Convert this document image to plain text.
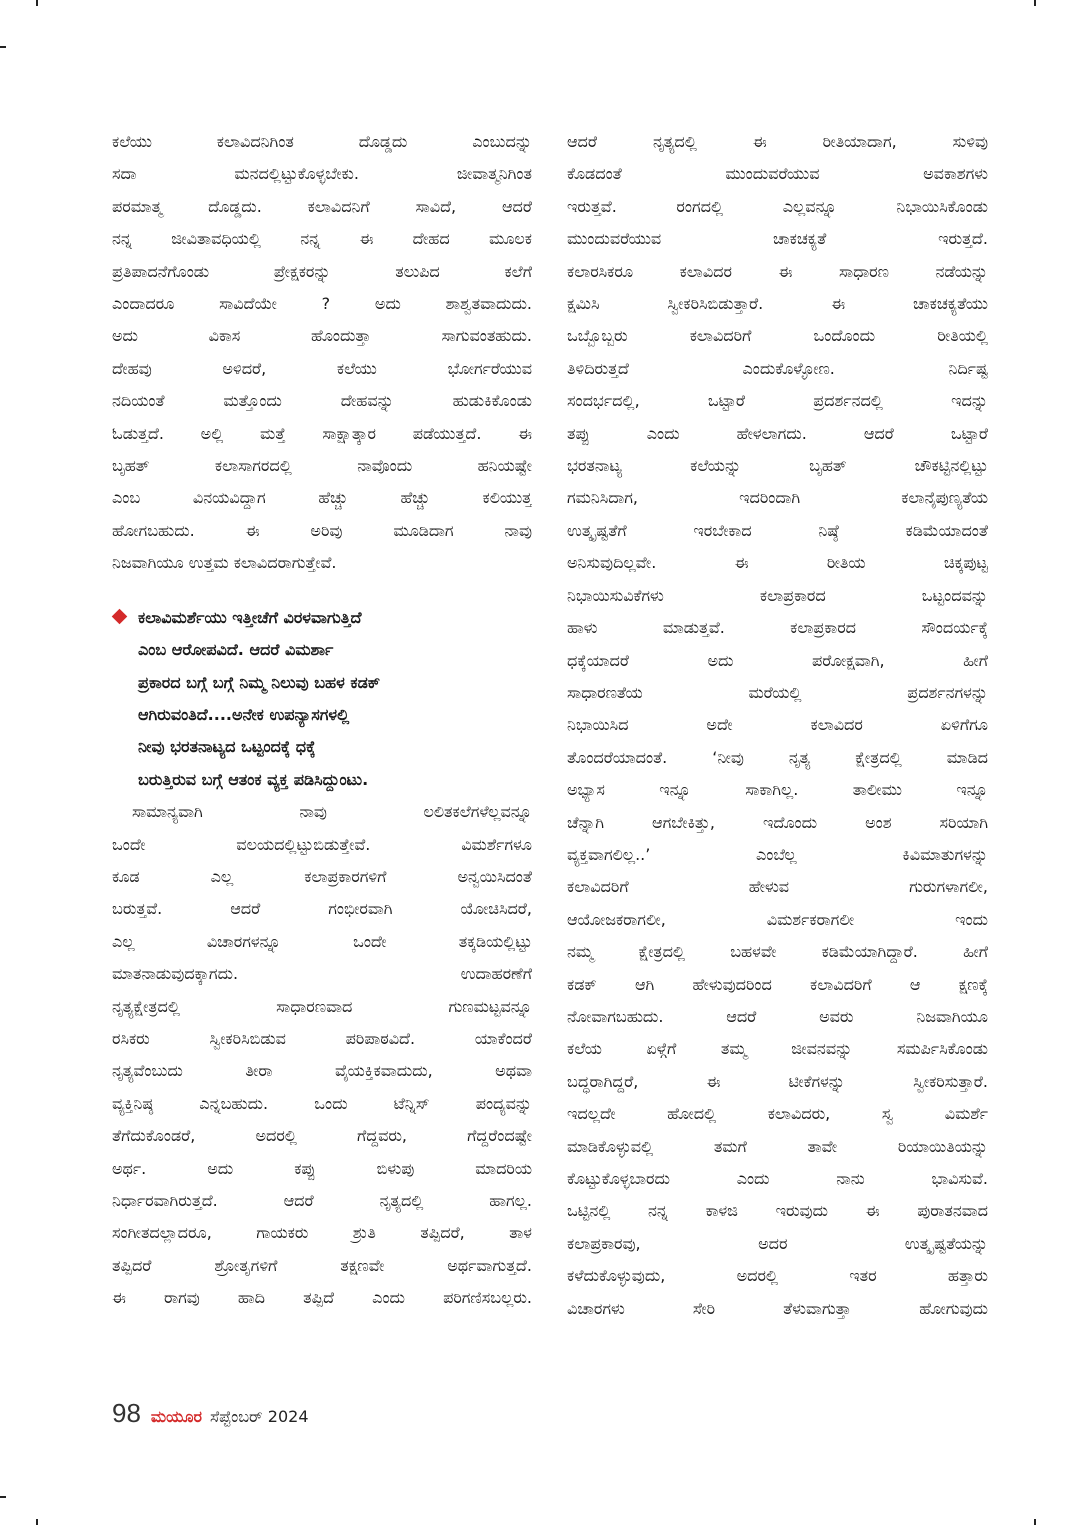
ಕಲೆಯು ಕಲಾವಿದನಿಗಿಂತ ದೊಡ್ಡದು ಎಂಬುದನ್ನು

ಸದಾ ಮನದಲ್ಲಿಟ್ಟುಕೊಳ್ಳಬೇಕು. ಜೀವಾತ್ಮನಿಗಿಂತ

ಪರಮಾತ್ಮ ದೊಡ್ಡದು. ಕಲಾವಿದನಿಗೆ ಸಾವಿದೆ, ಆದರೆ

ನನ್ನ ಜೀವಿತಾವಧಿಯಲ್ಲಿ ನನ್ನ ಈ ದೇಹದ ಮೂಲಕ

ಪ್ರತಿಪಾದನೆಗೊಂಡು ಪ್ರೇಕ್ಷಕರನ್ನು ತಲುಪಿದ ಕಲೆಗೆ

ಎಂದಾದರೂ ಸಾವಿದೆಯೇ ? ಅದು ಶಾಶ್ವತವಾದುದು.

ಅದು ವಿಕಾಸ ಹೊಂದುತ್ತಾ ಸಾಗುವಂತಹುದು.

ದೇಹವು ಅಳಿದರೆ, ಕಲೆಯು ಭೋರ್ಗರೆಯುವ

ನದಿಯಂತೆ ಮತ್ತೊಂದು ದೇಹವನ್ನು ಹುಡುಕಿಕೊಂಡು

ಓಡುತ್ತದೆ. ಅಲ್ಲಿ ಮತ್ತೆ ಸಾಕ್ಷಾತ್ಕಾರ ಪಡೆಯುತ್ತದೆ. ಈ

ಬೃಹತ್ ಕಲಾಸಾಗರದಲ್ಲಿ ನಾವೊಂದು ಹನಿಯಷ್ಟೇ

ಎಂಬ ವಿನಯವಿದ್ದಾಗ ಹೆಚ್ಚು ಹೆಚ್ಚು ಕಲಿಯುತ್ತ

ಹೋಗಬಹುದು. ಈ ಅರಿವು ಮೂಡಿದಾಗ ನಾವು

ನಿಜವಾಗಿಯೂ ಉತ್ತಮ ಕಲಾವಿದರಾಗುತ್ತೇವೆ.

ಕಲಾವಿಮರ್ಶೆಯು ಇತ್ತೀಚೆಗೆ ವಿರಳವಾಗುತ್ತಿದೆ

ಎಂಬ ಆರೋಪವಿದೆ. ಆದರೆ ವಿಮರ್ಶಾ

ಪ್ರಕಾರದ ಬಗ್ಗೆ ಬಗ್ಗೆ ನಿಮ್ಮ ನಿಲುವು ಬಹಳ ಕಡಕ್

ಆಗಿರುವಂತಿದೆ....ಅನೇಕ ಉಪನ್ಯಾಸಗಳಲ್ಲಿ

ನೀವು ಭರತನಾಟ್ಯದ ಒಟ್ಟಂದಕ್ಕೆ ಧಕ್ಕೆ

ಬರುತ್ತಿರುವ ಬಗ್ಗೆ ಆತಂಕ ವ್ಯಕ್ತ ಪಡಿಸಿದ್ದುಂಟು.

ಸಾಮಾನ್ಯವಾಗಿ ನಾವು ಲಲಿತಕಲೆಗಳೆಲ್ಲವನ್ನೂ

ಒಂದೇ ವಲಯದಲ್ಲಿಟ್ಟುಬಿಡುತ್ತೇವೆ. ವಿಮರ್ಶೆಗಳೂ

ಕೂಡ ಎಲ್ಲ ಕಲಾಪ್ರಕಾರಗಳಿಗೆ ಅನ್ವಯಿಸಿದಂತೆ

ಬರುತ್ತವೆ. ಆದರೆ ಗಂಭೀರವಾಗಿ ಯೋಚಿಸಿದರೆ,

ಎಲ್ಲ ವಿಚಾರಗಳನ್ನೂ ಒಂದೇ ತಕ್ಕಡಿಯಲ್ಲಿಟ್ಟು

ಮಾತನಾಡುವುದಕ್ಕಾಗದು. ಉದಾಹರಣೆಗೆ

ನೃತ್ಯಕ್ಷೇತ್ರದಲ್ಲಿ ಸಾಧಾರಣವಾದ ಗುಣಮಟ್ಟವನ್ನೂ

ರಸಿಕರು ಸ್ವೀಕರಿಸಿಬಿಡುವ ಪರಿಪಾಠವಿದೆ. ಯಾಕೆಂದರೆ

ನೃತ್ಯವೆಂಬುದು ತೀರಾ ವೈಯಕ್ತಿಕವಾದುದು, ಅಥವಾ

ವ್ಯಕ್ತಿನಿಷ್ಠ ಎನ್ನಬಹುದು. ಒಂದು ಟೆನ್ನಿಸ್ ಪಂದ್ಯವನ್ನು

ತೆಗೆದುಕೊಂಡರೆ, ಅದರಲ್ಲಿ ಗೆದ್ದವರು, ಗೆದ್ದರೆಂದಷ್ಟೇ

ಅರ್ಥ. ಅದು ಕಪ್ಪು ಬಿಳುಪು ಮಾದರಿಯ

ನಿರ್ಧಾರವಾಗಿರುತ್ತದೆ. ಆದರೆ ನೃತ್ಯದಲ್ಲಿ ಹಾಗಲ್ಲ.

ಸಂಗೀತದಲ್ಲಾದರೂ, ಗಾಯಕರು ಶ್ರುತಿ ತಪ್ಪಿದರೆ, ತಾಳ

ತಪ್ಪಿದರೆ ಶ್ರೋತೃಗಳಿಗೆ ತಕ್ಷಣವೇ ಅರ್ಥವಾಗುತ್ತದೆ.

ಈ ರಾಗವು ಹಾದಿ ತಪ್ಪಿದೆ ಎಂದು ಪರಿಗಣಿಸಬಲ್ಲರು.

ಆದರೆ ನೃತ್ಯದಲ್ಲಿ ಈ ರೀತಿಯಾದಾಗ, ಸುಳಿವು

ಕೊಡದಂತೆ ಮುಂದುವರೆಯುವ ಅವಕಾಶಗಳು

ಇರುತ್ತವೆ. ರಂಗದಲ್ಲಿ ಎಲ್ಲವನ್ನೂ ನಿಭಾಯಿಸಿಕೊಂಡು

ಮುಂದುವರೆಯುವ ಚಾಕಚಕ್ಯತೆ ಇರುತ್ತದೆ.

ಕಲಾರಸಿಕರೂ ಕಲಾವಿದರ ಈ ಸಾಧಾರಣ ನಡೆಯನ್ನು

ಕ್ಷಮಿಸಿ ಸ್ವೀಕರಿಸಿಬಿಡುತ್ತಾರೆ. ಈ ಚಾಕಚಕ್ಯತೆಯು

ಒಬ್ಬೊಬ್ಬರು ಕಲಾವಿದರಿಗೆ ಒಂದೊಂದು ರೀತಿಯಲ್ಲಿ

ತಿಳಿದಿರುತ್ತದೆ ಎಂದುಕೊಳ್ಳೋಣ. ನಿರ್ದಿಷ್ಟ

ಸಂದರ್ಭದಲ್ಲಿ, ಒಟ್ಟಾರೆ ಪ್ರದರ್ಶನದಲ್ಲಿ ಇದನ್ನು

ತಪ್ಪು ಎಂದು ಹೇಳಲಾಗದು. ಆದರೆ ಒಟ್ಟಾರೆ

ಭರತನಾಟ್ಯ ಕಲೆಯನ್ನು ಬೃಹತ್ ಚೌಕಟ್ಟಿನಲ್ಲಿಟ್ಟು

ಗಮನಿಸಿದಾಗ, ಇದರಿಂದಾಗಿ ಕಲಾನೈಪುಣ್ಯತೆಯ

ಉತ್ಕೃಷ್ಟತೆಗೆ ಇರಬೇಕಾದ ನಿಷ್ಠೆ ಕಡಿಮೆಯಾದಂತೆ

ಅನಿಸುವುದಿಲ್ಲವೇ. ಈ ರೀತಿಯ ಚಿಕ್ಕಪುಟ್ಟ

ನಿಭಾಯಿಸುವಿಕೆಗಳು ಕಲಾಪ್ರಕಾರದ ಒಟ್ಟಂದವನ್ನು

ಹಾಳು ಮಾಡುತ್ತವೆ. ಕಲಾಪ್ರಕಾರದ ಸೌಂದರ್ಯಕ್ಕೆ

ಧಕ್ಕೆಯಾದರೆ ಅದು ಪರೋಕ್ಷವಾಗಿ, ಹೀಗೆ

ಸಾಧಾರಣತೆಯ ಮರೆಯಲ್ಲಿ ಪ್ರದರ್ಶನಗಳನ್ನು

ನಿಭಾಯಿಸಿದ ಅದೇ ಕಲಾವಿದರ ಏಳಿಗೆಗೂ

ತೊಂದರೆಯಾದಂತೆ. ‘ನೀವು ನೃತ್ಯ ಕ್ಷೇತ್ರದಲ್ಲಿ ಮಾಡಿದ

ಅಭ್ಯಾಸ ಇನ್ನೂ ಸಾಕಾಗಿಲ್ಲ. ತಾಲೀಮು ಇನ್ನೂ

ಚೆನ್ನಾಗಿ ಆಗಬೇಕಿತ್ತು, ಇದೊಂದು ಅಂಶ ಸರಿಯಾಗಿ

ವ್ಯಕ್ತವಾಗಲಿಲ್ಲ..’ ಎಂಬೆಲ್ಲ ಕಿವಿಮಾತುಗಳನ್ನು

ಕಲಾವಿದರಿಗೆ ಹೇಳುವ ಗುರುಗಳಾಗಲೀ,

ಆಯೋಜಕರಾಗಲೀ, ವಿಮರ್ಶಕರಾಗಲೀ ಇಂದು

ನಮ್ಮ ಕ್ಷೇತ್ರದಲ್ಲಿ ಬಹಳವೇ ಕಡಿಮೆಯಾಗಿದ್ದಾರೆ. ಹೀಗೆ

ಕಡಕ್ ಆಗಿ ಹೇಳುವುದರಿಂದ ಕಲಾವಿದರಿಗೆ ಆ ಕ್ಷಣಕ್ಕೆ

ನೋವಾಗಬಹುದು. ಆದರೆ ಅವರು ನಿಜವಾಗಿಯೂ

ಕಲೆಯ ಏಳ್ಗೆಗೆ ತಮ್ಮ ಜೀವನವನ್ನು ಸಮರ್ಪಿಸಿಕೊಂಡು

ಬದ್ಧರಾಗಿದ್ದರೆ, ಈ ಟೀಕೆಗಳನ್ನು ಸ್ವೀಕರಿಸುತ್ತಾರೆ.

ಇದಲ್ಲದೇ ಹೋದಲ್ಲಿ ಕಲಾವಿದರು, ಸ್ವ ವಿಮರ್ಶೆ

ಮಾಡಿಕೊಳ್ಳುವಲ್ಲಿ ತಮಗೆ ತಾವೇ ರಿಯಾಯಿತಿಯನ್ನು

ಕೊಟ್ಟುಕೊಳ್ಳಬಾರದು ಎಂದು ನಾನು ಭಾವಿಸುವೆ.

ಒಟ್ಟಿನಲ್ಲಿ ನನ್ನ ಕಾಳಜಿ ಇರುವುದು ಈ ಪುರಾತನವಾದ

ಕಲಾಪ್ರಕಾರವು, ಅದರ ಉತ್ಕೃಷ್ಟತೆಯನ್ನು

ಕಳೆದುಕೊಳ್ಳುವುದು, ಅದರಲ್ಲಿ ಇತರ ಹತ್ತಾರು

ವಿಚಾರಗಳು ಸೇರಿ ತೆಳುವಾಗುತ್ತಾ ಹೋಗುವುದು

98 ಮಯೂರ ಸೆಪ್ಟೆಂಬರ್ 2024
